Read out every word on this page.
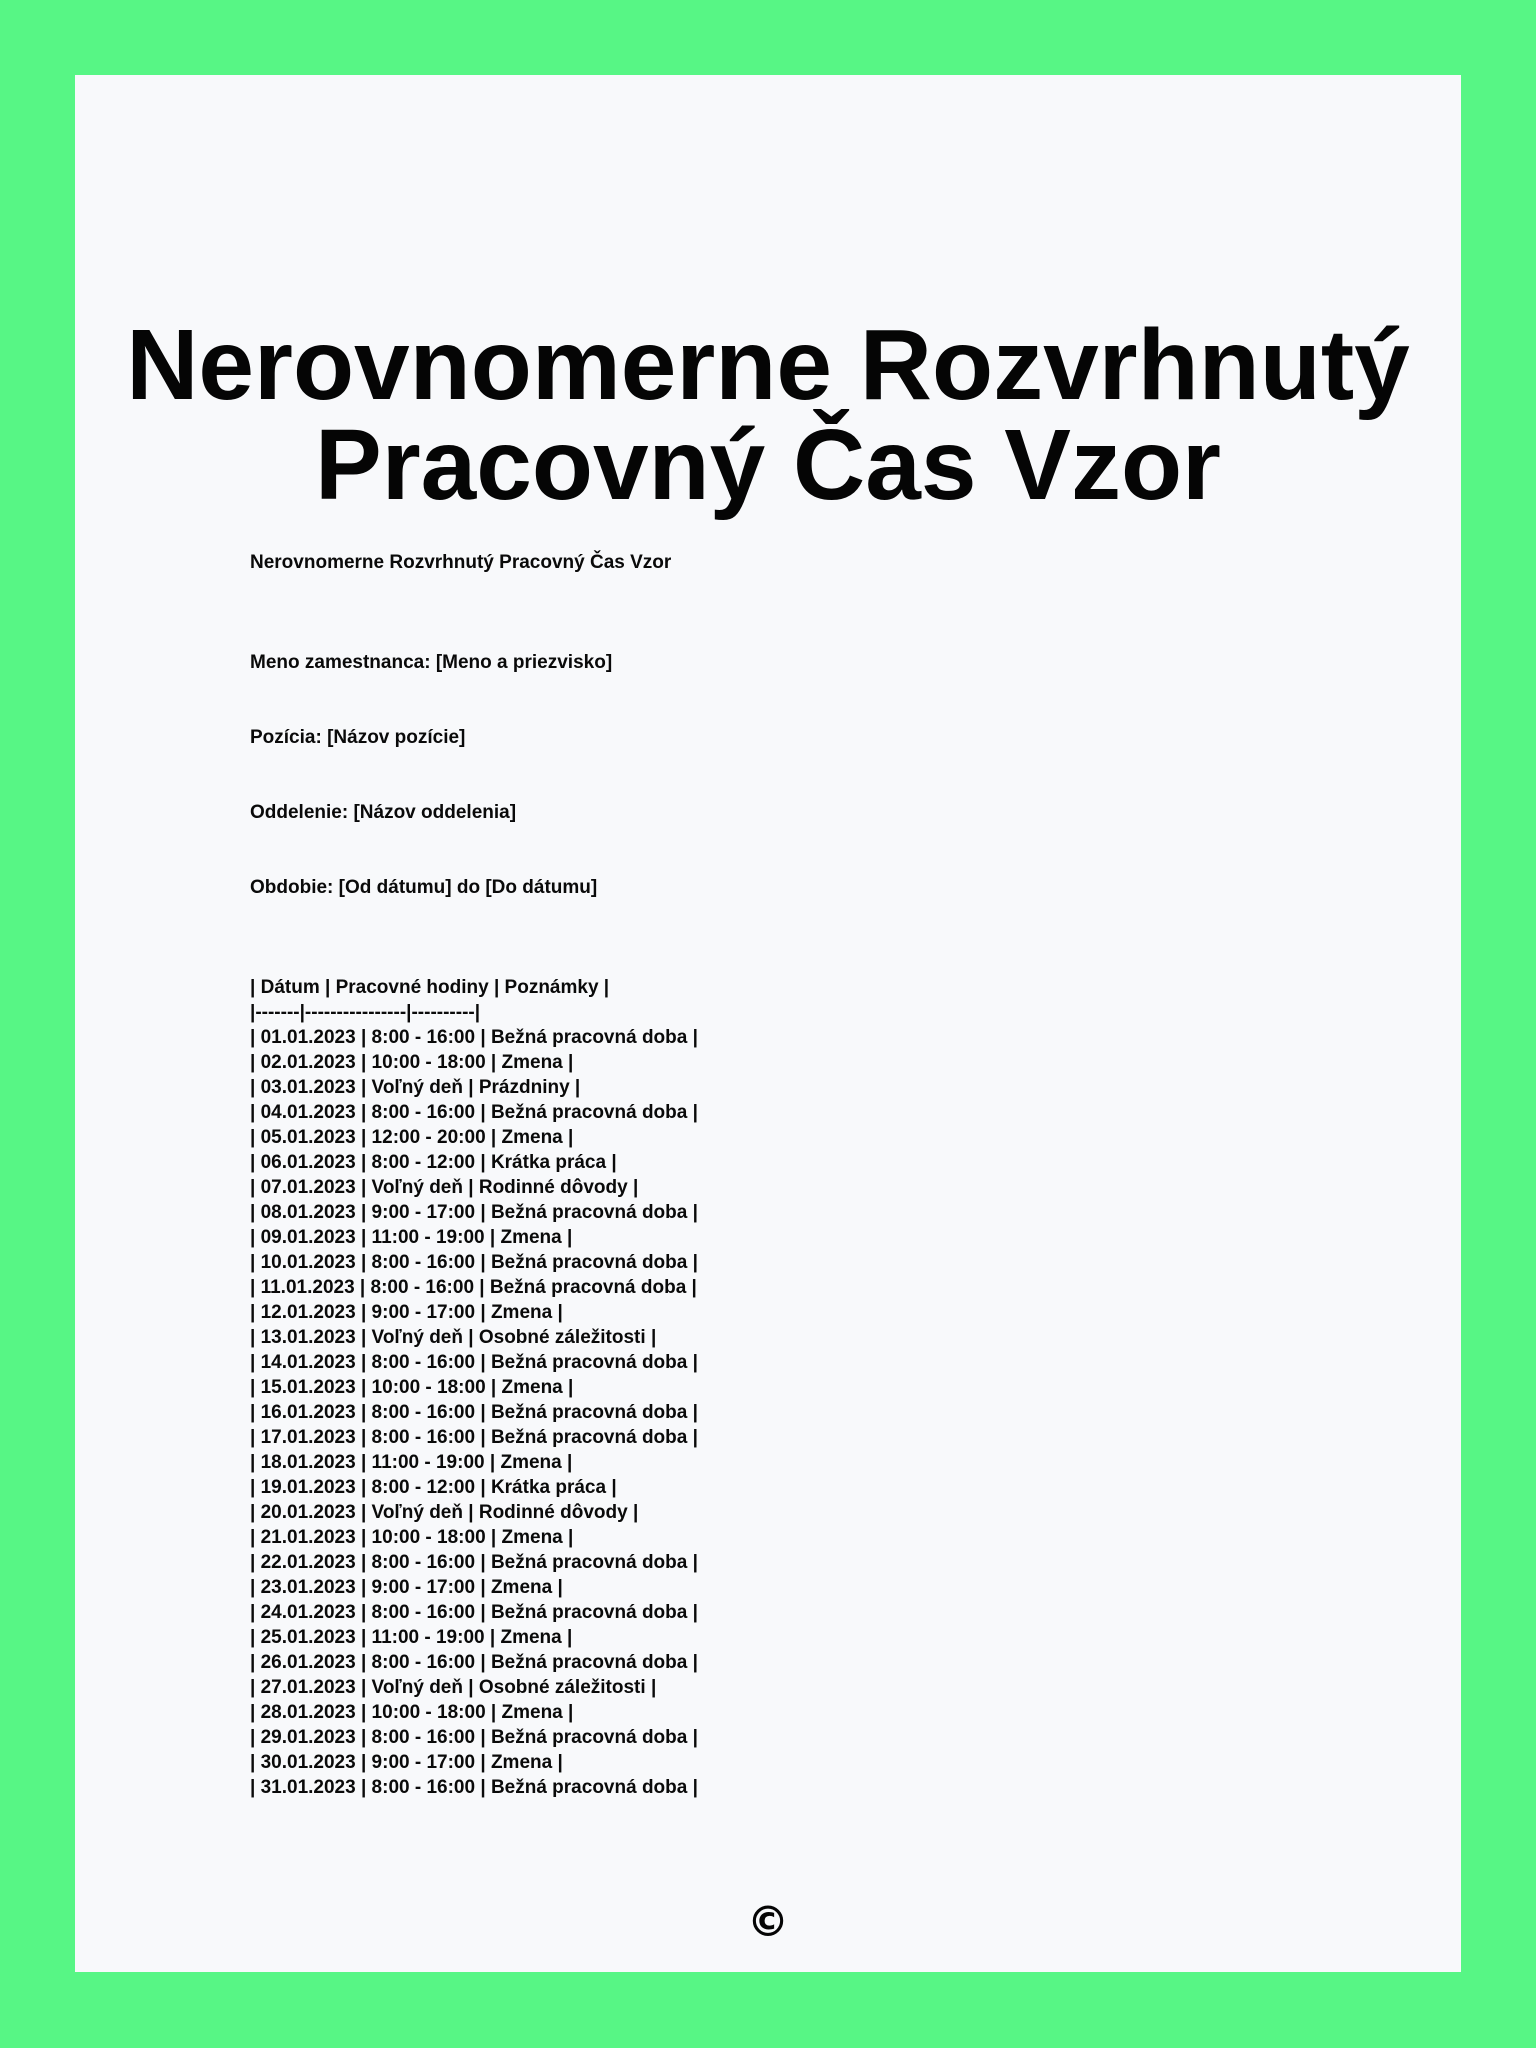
Nerovnomerne Rozvrhnutý Pracovný Čas Vzor

Nerovnomerne Rozvrhnutý Pracovný Čas Vzor

Meno zamestnanca: [Meno a priezvisko]
Pozícia: [Názov pozície]
Oddelenie: [Názov oddelenia]
Obdobie: [Od dátumu] do [Do dátumu]
| Dátum | Pracovné hodiny | Poznámky |
|-------|----------------|----------|
| 01.01.2023 | 8:00 - 16:00 | Bežná pracovná doba |
| 02.01.2023 | 10:00 - 18:00 | Zmena |
| 03.01.2023 | Voľný deň | Prázdniny |
| 04.01.2023 | 8:00 - 16:00 | Bežná pracovná doba |
| 05.01.2023 | 12:00 - 20:00 | Zmena |
| 06.01.2023 | 8:00 - 12:00 | Krátka práca |
| 07.01.2023 | Voľný deň | Rodinné dôvody |
| 08.01.2023 | 9:00 - 17:00 | Bežná pracovná doba |
| 09.01.2023 | 11:00 - 19:00 | Zmena |
| 10.01.2023 | 8:00 - 16:00 | Bežná pracovná doba |
| 11.01.2023 | 8:00 - 16:00 | Bežná pracovná doba |
| 12.01.2023 | 9:00 - 17:00 | Zmena |
| 13.01.2023 | Voľný deň | Osobné záležitosti |
| 14.01.2023 | 8:00 - 16:00 | Bežná pracovná doba |
| 15.01.2023 | 10:00 - 18:00 | Zmena |
| 16.01.2023 | 8:00 - 16:00 | Bežná pracovná doba |
| 17.01.2023 | 8:00 - 16:00 | Bežná pracovná doba |
| 18.01.2023 | 11:00 - 19:00 | Zmena |
| 19.01.2023 | 8:00 - 12:00 | Krátka práca |
| 20.01.2023 | Voľný deň | Rodinné dôvody |
| 21.01.2023 | 10:00 - 18:00 | Zmena |
| 22.01.2023 | 8:00 - 16:00 | Bežná pracovná doba |
| 23.01.2023 | 9:00 - 17:00 | Zmena |
| 24.01.2023 | 8:00 - 16:00 | Bežná pracovná doba |
| 25.01.2023 | 11:00 - 19:00 | Zmena |
| 26.01.2023 | 8:00 - 16:00 | Bežná pracovná doba |
| 27.01.2023 | Voľný deň | Osobné záležitosti |
| 28.01.2023 | 10:00 - 18:00 | Zmena |
| 29.01.2023 | 8:00 - 16:00 | Bežná pracovná doba |
| 30.01.2023 | 9:00 - 17:00 | Zmena |
| 31.01.2023 | 8:00 - 16:00 | Bežná pracovná doba |
©
